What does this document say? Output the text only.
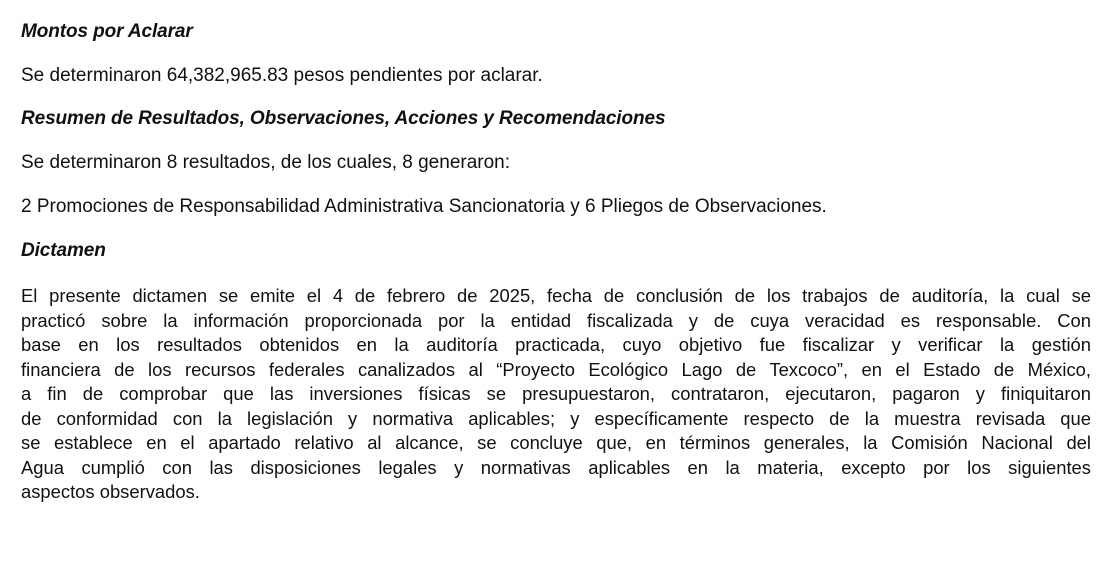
Montos por Aclarar
Se determinaron 64,382,965.83 pesos pendientes por aclarar.
Resumen de Resultados, Observaciones, Acciones y Recomendaciones
Se determinaron 8 resultados, de los cuales, 8 generaron:
2 Promociones de Responsabilidad Administrativa Sancionatoria y 6 Pliegos de Observaciones.
Dictamen
El presente dictamen se emite el 4 de febrero de 2025, fecha de conclusión de los trabajos de auditoría, la cual se
practicó sobre la información proporcionada por la entidad fiscalizada y de cuya veracidad es responsable. Con
base en los resultados obtenidos en la auditoría practicada, cuyo objetivo fue fiscalizar y verificar la gestión
financiera de los recursos federales canalizados al “Proyecto Ecológico Lago de Texcoco”, en el Estado de México,
a fin de comprobar que las inversiones físicas se presupuestaron, contrataron, ejecutaron, pagaron y finiquitaron
de conformidad con la legislación y normativa aplicables; y específicamente respecto de la muestra revisada que
se establece en el apartado relativo al alcance, se concluye que, en términos generales, la Comisión Nacional del
Agua cumplió con las disposiciones legales y normativas aplicables en la materia, excepto por los siguientes
aspectos observados.
